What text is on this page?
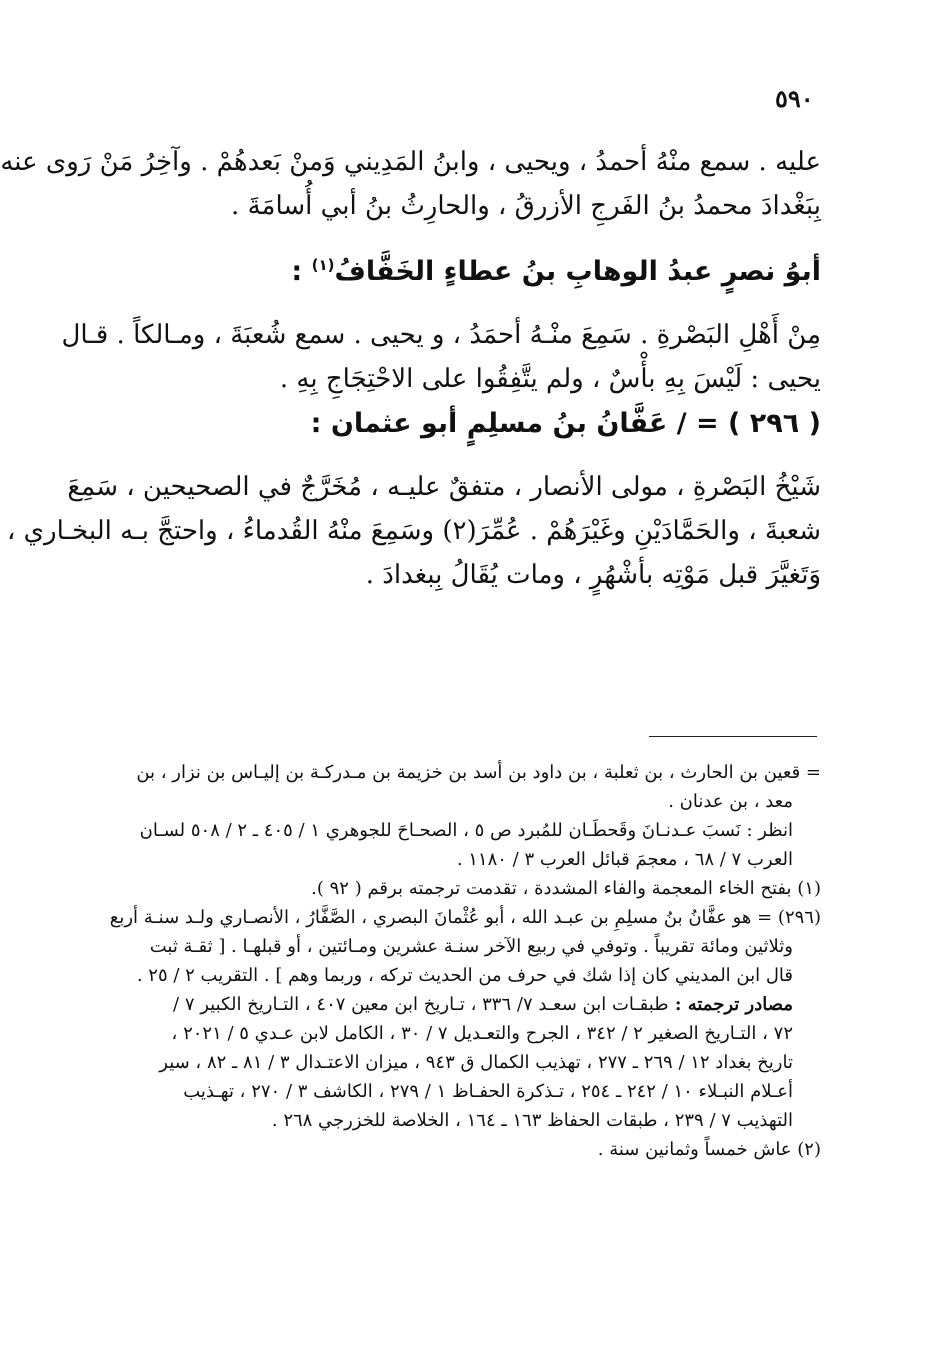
٥٩٠
عليه . سمع منْهُ أحمدُ ، ويحيى ، وابنُ المَدِيني وَمنْ بَعدهُمْ . وآخِرُ مَنْ رَوى عنه
بِبَغْدادَ محمدُ بنُ الفَرجِ الأزرقُ ، والحارِثُ بنُ أبي أُسامَةَ .
أبوُ نصرٍ عبدُ الوهابِ بنُ عطاءٍ الخَفَّافُ$^{(١)}$ :
مِنْ أَهْلِ البَصْرةِ . سَمِعَ منْـهُ أحمَدُ ، و يحيى . سمع شُعبَةَ ، ومـالكاً . قـال
يحيى : لَيْسَ بِهِ بأْسٌ ، ولم يتَّفِقُوا على الاحْتِجَاجِ بِهِ .
( ٢٩٦ ) = / عَفَّانُ بنُ مسلِمٍ أبو عثمان :
شَيْخُ البَصْرةِ ، مولى الأنصار ، متفقٌ عليـه ، مُخَرَّجٌ في الصحيحين ، سَمِعَ
شعبةَ ، والحَمَّادَيْنِ وغَيْرَهُمْ . عُمِّرَ(٢) وسَمِعَ منْهُ القُدماءُ ، واحتجَّ بـه البخـاري ،
وَتَغيَّرَ قبل مَوْتِه بأشْهُرٍ ، ومات يُقَالُ بِبغدادَ .
= قعين بن الحارث ، بن ثعلبة ، بن داود بن أسد بن خزيمة بن مـدركـة بن إليـاس بن نزار ، بن
معد ، بن عدنان .
انظر : نَسبَ عـدنـانَ وقَحطَـان للمُبرد ص ٥ ، الصحـاحَ للجوهري ١ / ٤٠٥ ـ ٢ / ٥٠٨ لسـان
العرب ٧ / ٦٨ ، معجمَ قبائل العرب ٣ / ١١٨٠ .
(١) بفتح الخاء المعجمة والفاء المشددة ، تقدمت ترجمته برقم ( ٩٢ ).
(٢٩٦) = هو عفَّانُ بنُ مسلِمِ بن عبـد الله ، أبو عُثْمانَ البصري ، الصَّفَّارُ ، الأنصـاري ولـد سنـة أربع
وثلاثين ومائة تقريباً . وتوفي في ربيع الآخر سنـة عشرين ومـائتين ، أو قبلهـا . [ ثقـة ثبت
قال ابن المديني كان إذا شك في حرف من الحديث تركه ، وربما وهم ] . التقريب ٢ / ٢٥ .
مصادر ترجمته : طبقـات ابن سعـد ٧/ ٣٣٦ ، تـاريخ ابن معين ٤٠٧ ، التـاريخ الكبير ٧ /
٧٢ ، التـاريخ الصغير ٢ / ٣٤٢ ، الجرح والتعـديل ٧ / ٣٠ ، الكامل لابن عـدي ٥ / ٢٠٢١ ،
تاريخ بغداد ١٢ / ٢٦٩ ـ ٢٧٧ ، تهذيب الكمال ق ٩٤٣ ، ميزان الاعتـدال ٣ / ٨١ ـ ٨٢ ، سير
أعـلام النبـلاء ١٠ / ٢٤٢ ـ ٢٥٤ ، تـذكرة الحفـاظ ١ / ٢٧٩ ، الكاشف ٣ / ٢٧٠ ، تهـذيب
التهذيب ٧ / ٢٣٩ ، طبقات الحفاظ ١٦٣ ـ ١٦٤ ، الخلاصة للخزرجي ٢٦٨ .
(٢) عاش خمساً وثمانين سنة .
